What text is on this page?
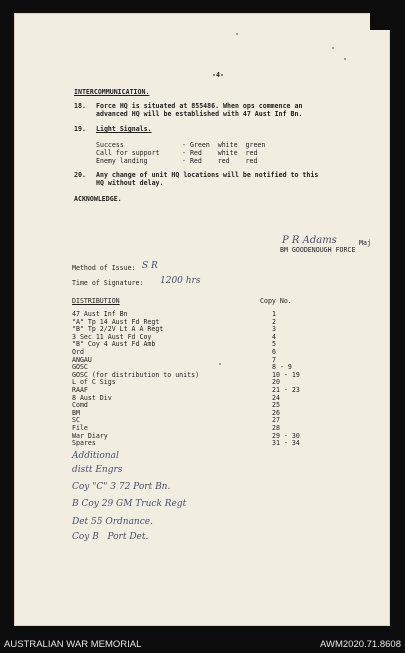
-4-
INTERCOMMUNICATION.
18. Force HQ is situated at 855486. When ops commence an
advanced HQ will be established with 47 Aust Inf Bn.
19. Light Signals.
Success	- Green  white  green
Call for support	- Red    white  red
Enemy landing	- Red    red    red
20. Any change of unit HQ locations will be notified to this
HQ without delay.
ACKNOWLEDGE.
P R Adams	Maj
BM GOODENOUGH FORCE
Method of Issue: S R
Time of Signature: 1200 hrs
DISTRIBUTION	Copy No.
47 Aust Inf Bn	1
"A" Tp 14 Aust Fd Regt	2
"B" Tp 2/2V Lt A A Regt	3
3 Sec 11 Aust Fd Coy	4
"B" Coy 4 Aust Fd Amb	5
Ord	6
ANGAU	7
GOSC	8 - 9
GOSC (for distribution to units)	10 - 19
L of C Sigs	20
RAAF	21 - 23
8 Aust Div	24
Comd	25
BM	26
SC	27
File	28
War Diary	29 - 30
Spares	31 - 34
Additional
distt Engrs
Coy "C" 3 72 Port Bn.
B Coy 29 GM Truck Regt
Det 55 Ordnance.
Coy B   Port Det.
AUSTRALIAN WAR MEMORIAL	AWM2020.71.8608
